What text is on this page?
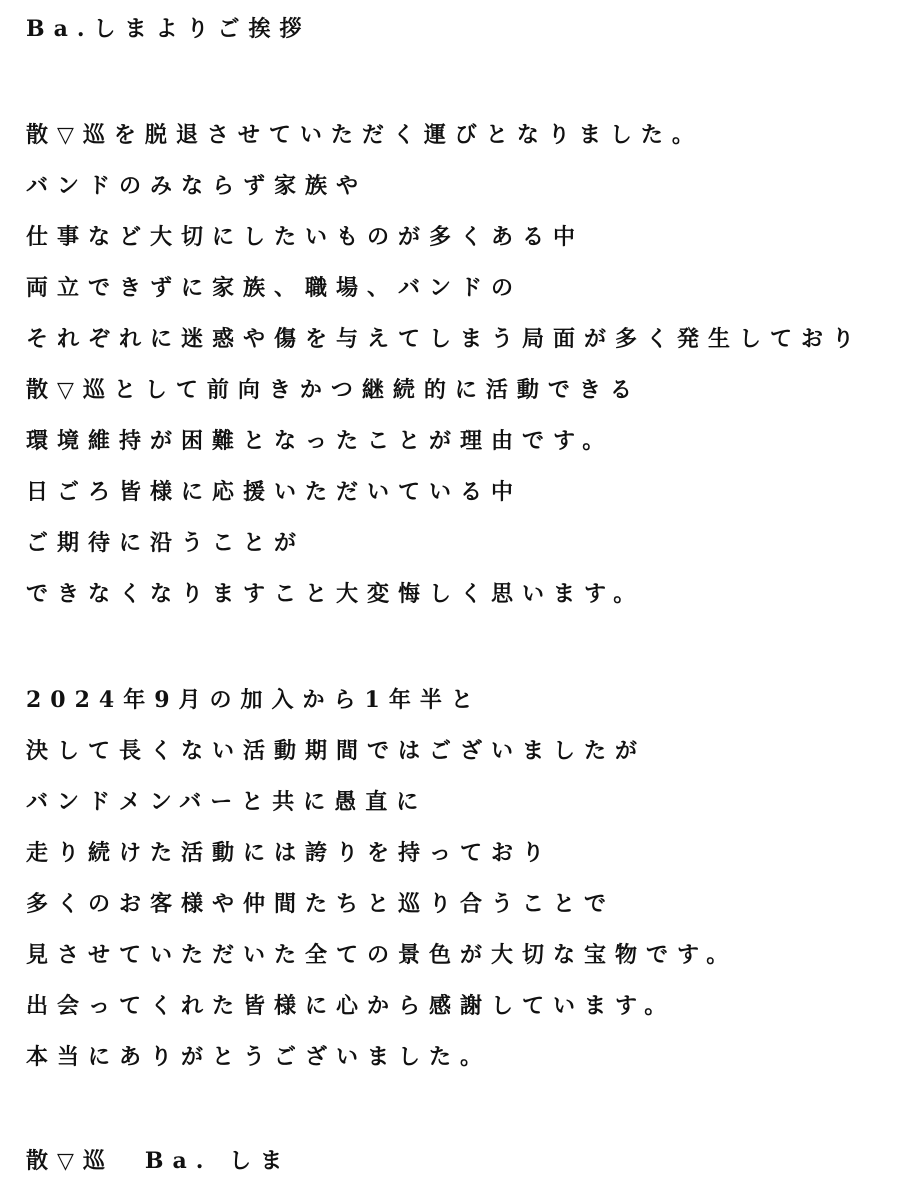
Ba.しまよりご挨拶
散▽巡を脱退させていただく運びとなりました。
バンドのみならず家族や
仕事など大切にしたいものが多くある中
両立できずに家族、職場、バンドの
それぞれに迷惑や傷を与えてしまう局面が多く発生しており
散▽巡として前向きかつ継続的に活動できる
環境維持が困難となったことが理由です。
日ごろ皆様に応援いただいている中
ご期待に沿うことが
できなくなりますこと大変悔しく思います。
2024年9月の加入から1年半と
決して長くない活動期間ではございましたが
バンドメンバーと共に愚直に
走り続けた活動には誇りを持っており
多くのお客様や仲間たちと巡り合うことで
見させていただいた全ての景色が大切な宝物です。
出会ってくれた皆様に心から感謝しています。
本当にありがとうございました。
散▽巡　Ba. しま
